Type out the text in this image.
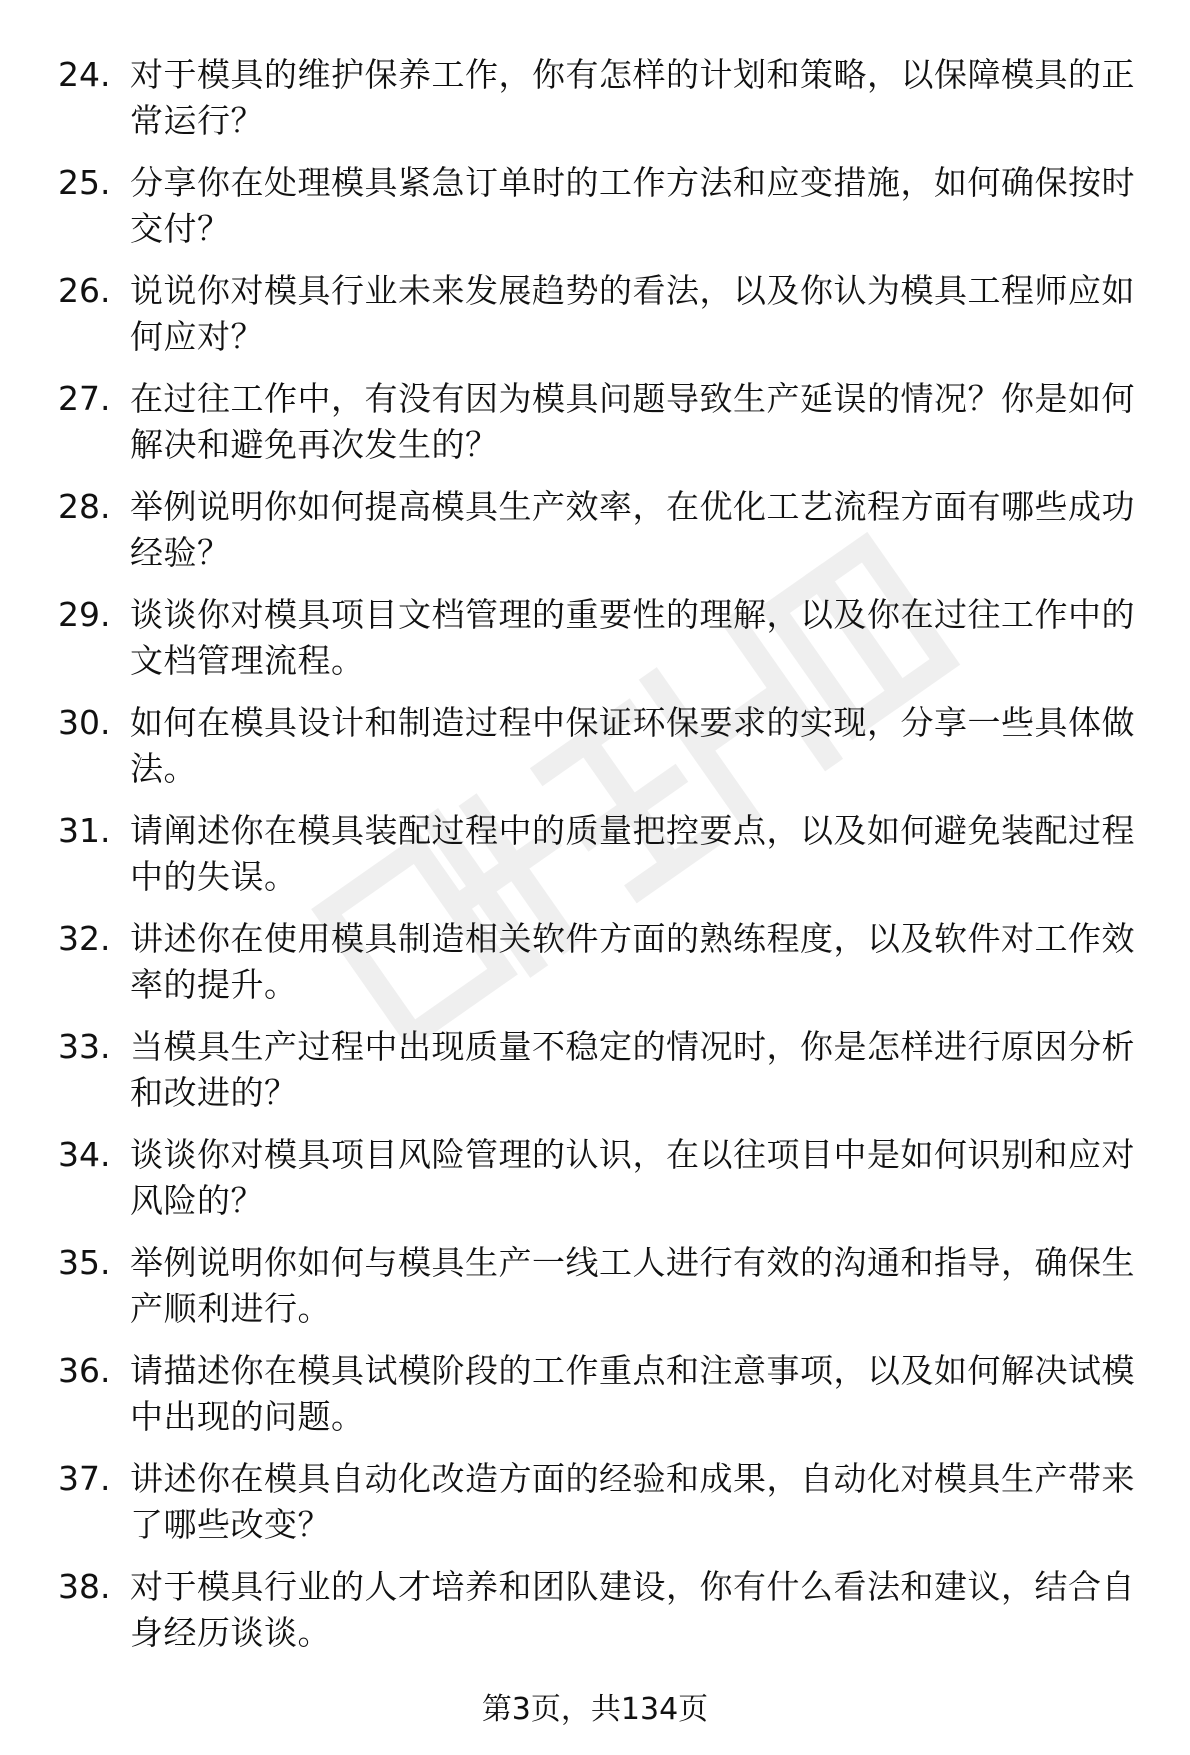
24. 对于模具的维护保养工作，你有怎样的计划和策略，以保障模具的正常运行？
25. 分享你在处理模具紧急订单时的工作方法和应变措施，如何确保按时交付？
26. 说说你对模具行业未来发展趋势的看法，以及你认为模具工程师应如何应对？
27. 在过往工作中，有没有因为模具问题导致生产延误的情况？你是如何解决和避免再次发生的？
28. 举例说明你如何提高模具生产效率，在优化工艺流程方面有哪些成功经验？
29. 谈谈你对模具项目文档管理的重要性的理解，以及你在过往工作中的文档管理流程。
30. 如何在模具设计和制造过程中保证环保要求的实现，分享一些具体做法。
31. 请阐述你在模具装配过程中的质量把控要点，以及如何避免装配过程中的失误。
32. 讲述你在使用模具制造相关软件方面的熟练程度，以及软件对工作效率的提升。
33. 当模具生产过程中出现质量不稳定的情况时，你是怎样进行原因分析和改进的？
34. 谈谈你对模具项目风险管理的认识，在以往项目中是如何识别和应对风险的？
35. 举例说明你如何与模具生产一线工人进行有效的沟通和指导，确保生产顺利进行。
36. 请描述你在模具试模阶段的工作重点和注意事项，以及如何解决试模中出现的问题。
37. 讲述你在模具自动化改造方面的经验和成果，自动化对模具生产带来了哪些改变？
38. 对于模具行业的人才培养和团队建设，你有什么看法和建议，结合自身经历谈谈。
第3页，共134页
